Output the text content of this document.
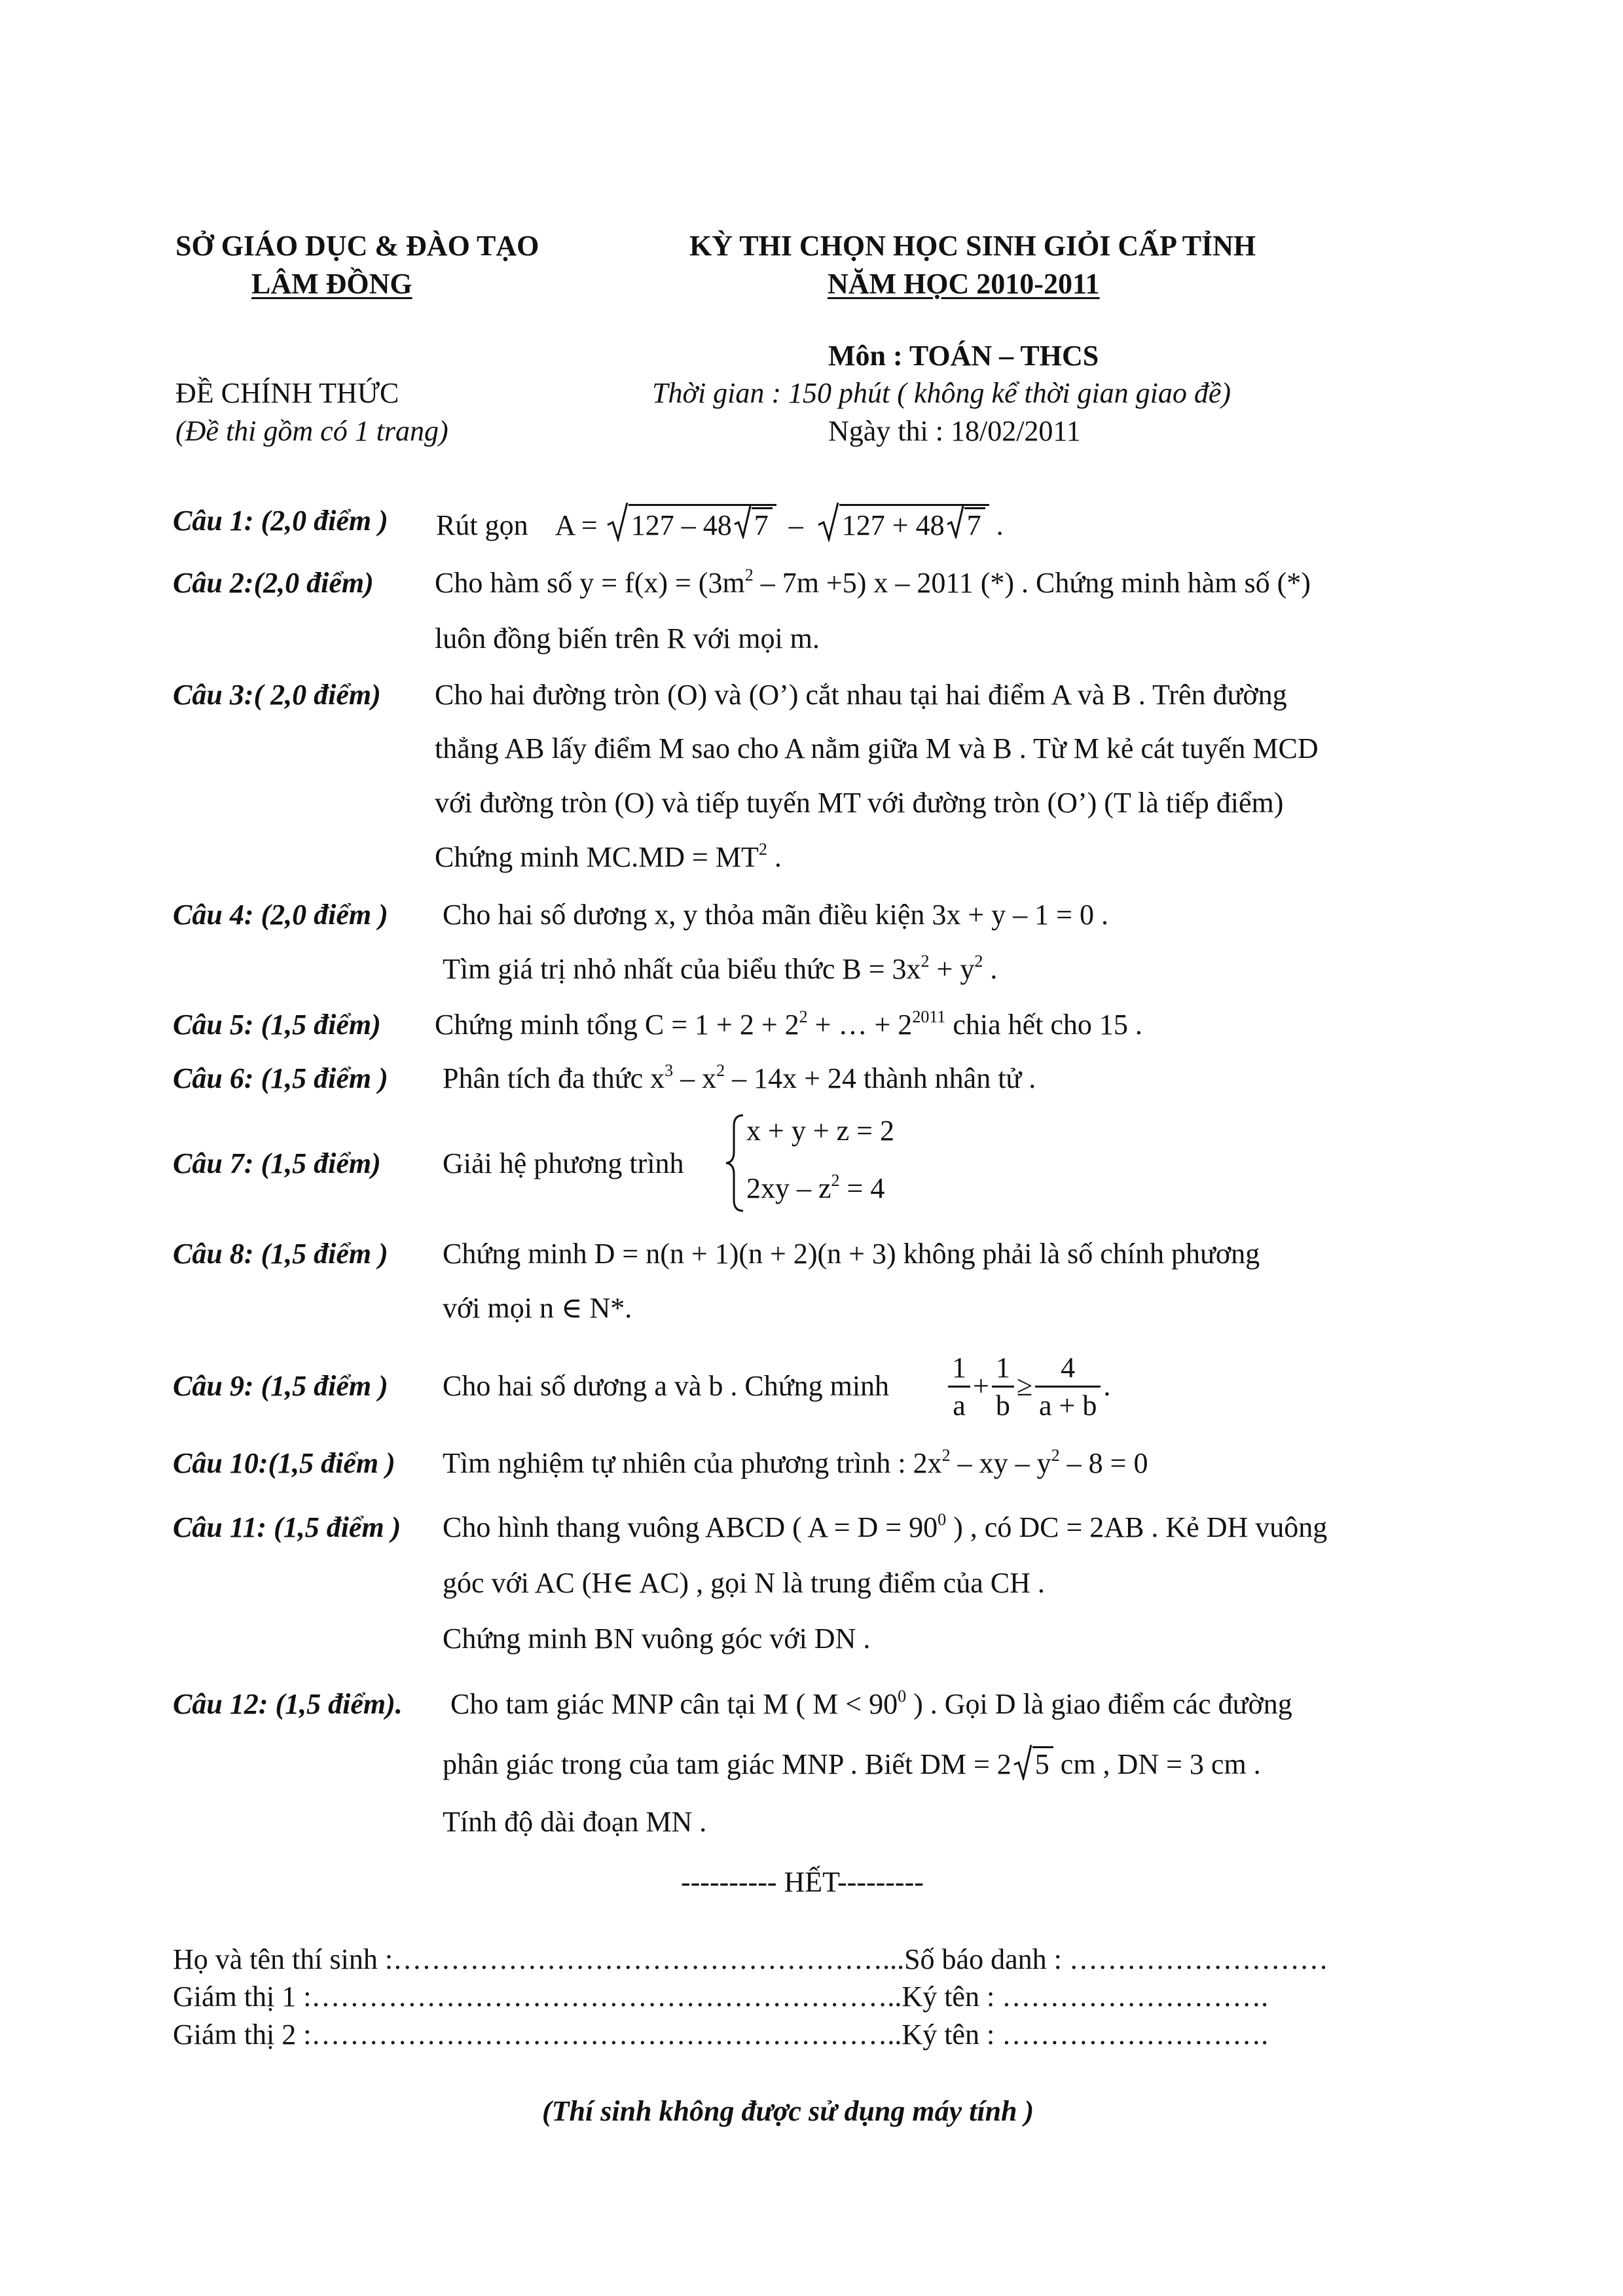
SỞ GIÁO DỤC & ĐÀO TẠO
LÂM ĐỒNG
KỲ THI CHỌN HỌC SINH GIỎI CẤP TỈNH
NĂM HỌC 2010-2011
Môn : TOÁN – THCS
ĐỀ CHÍNH THỨC	Thời gian : 150 phút ( không kể thời gian giao đề)
(Đề thi gồm có 1 trang)	Ngày thi : 18/02/2011
Câu 1: (2,0 điểm ) Rút gọn A = 127 – 48 7 – 127 + 48 7 .
Câu 2:(2,0 điểm) Cho hàm số $y = f(x) = (3m^2 - 7m +5)$ x – 2011 (*) . Chứng minh hàm số (*)
luôn đồng biến trên R với mọi m.
Câu 3:( 2,0 điểm) Cho hai đường tròn (O) và (O’) cắt nhau tại hai điểm A và B . Trên đường
thẳng AB lấy điểm M sao cho A nằm giữa M và B . Từ M kẻ cát tuyến MCD
với đường tròn (O) và tiếp tuyến MT với đường tròn (O’) (T là tiếp điểm)
Chứng minh $MC.MD = MT^2$ .
Câu 4: (2,0 điểm ) Cho hai số dương x, y thỏa mãn điều kiện 3x + y – 1 = 0 .
Tìm giá trị nhỏ nhất của biểu thức $B = 3x^2 + y^2$ .
Câu 5: (1,5 điểm) Chứng minh tổng $C = 1 + 2 + 2^2$ + … + $2^{2011}$ chia hết cho 15 .
Câu 6: (1,5 điểm ) Phân tích đa thức $x^3 - x^2 - 14x + 24$ thành nhân tử .
Câu 7: (1,5 điểm) Giải hệ phương trình
x + y + z = 2
$2xy - z^2 = 4$
Câu 8: (1,5 điểm ) Chứng minh D = n(n + 1)(n + 2)(n + 3) không phải là số chính phương
với mọi n ∈ N*.
Câu 9: (1,5 điểm ) Cho hai số dương a và b . Chứng minh $\frac{1}{a} + \frac{1}{b} \ge \frac{4}{a + b}$ .
Câu 10:(1,5 điểm ) Tìm nghiệm tự nhiên của phương trình : $2x^2$ – xy – $y^2 - 8 = 0$
Câu 11: (1,5 điểm ) Cho hình thang vuông ABCD ( $A = D = 90^0$ ) , có DC = 2AB . Kẻ DH vuông
góc với AC (H∈ AC) , gọi N là trung điểm của CH .
Chứng minh BN vuông góc với DN .
Câu 12: (1,5 điểm). Cho tam giác MNP cân tại M ( $M < 90^0$ ) . Gọi D là giao điểm các đường
phân giác trong của tam giác MNP . Biết DM = 2 5 cm , DN = 3 cm .
Tính độ dài đoạn MN .
---------- HẾT---------
Họ và tên thí sinh :……………………………………………...Số báo danh : ………………………
Giám thị 1 :……………………………………………………..Ký tên : ……………………….
Giám thị 2 :……………………………………………………..Ký tên : ……………………….
(Thí sinh không được sử dụng máy tính )
